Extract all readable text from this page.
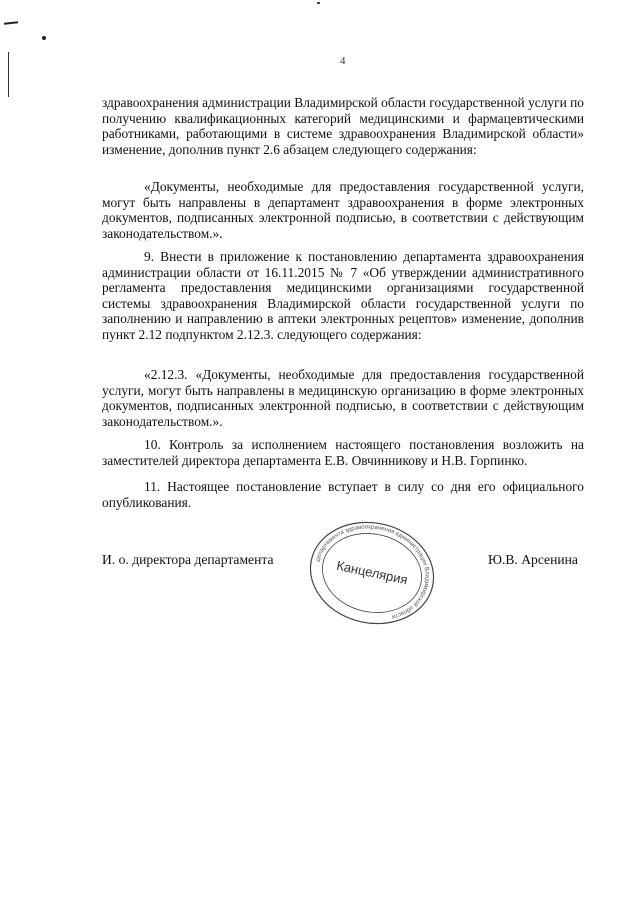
4

здравоохранения администрации Владимирской области государственной услуги по получению квалификационных категорий медицинскими и фармацевтическими работниками, работающими в системе здравоохранения Владимирской области» изменение, дополнив пункт 2.6 абзацем следующего содержания:

«Документы, необходимые для предоставления государственной услуги, могут быть направлены в департамент здравоохранения в форме электронных документов, подписанных электронной подписью, в соответствии с действующим законодательством.».

9. Внести в приложение к постановлению департамента здравоохранения администрации области от 16.11.2015 № 7 «Об утверждении административного регламента предоставления медицинскими организациями государственной системы здравоохранения Владимирской области государственной услуги по заполнению и направлению в аптеки электронных рецептов» изменение, дополнив пункт 2.12 подпунктом 2.12.3. следующего содержания:

«2.12.3. «Документы, необходимые для предоставления государственной услуги, могут быть направлены в медицинскую организацию в форме электронных документов, подписанных электронной подписью, в соответствии с действующим законодательством.».

10. Контроль за исполнением настоящего постановления возложить на заместителей директора департамента Е.В. Овчинникову и Н.В. Горпинко.

11. Настоящее постановление вступает в силу со дня его официального опубликования.

И. о. директора департамента	Ю.В. Арсенина
департамента здравоохранения администрации Владимирской области
Канцелярия
